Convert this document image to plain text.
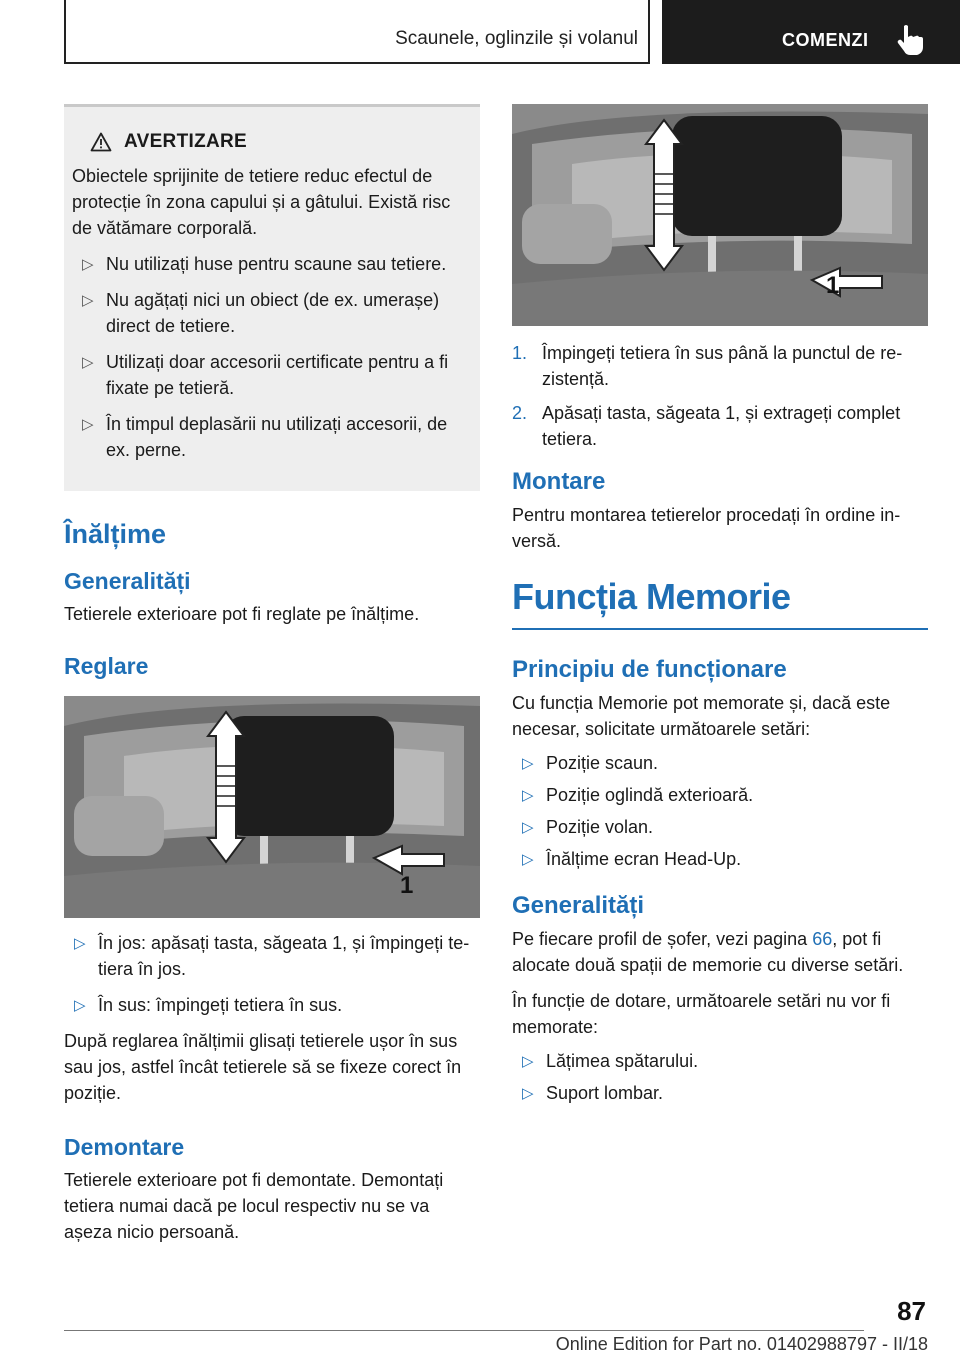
Scaunele, oglinzile și volanul	COMENZI
AVERTIZARE
Obiectele sprijinite de tetiere reduc efectul de protecție în zona capului și a gâtului. Există risc de vătămare corporală.
▷ Nu utilizați huse pentru scaune sau tetiere.
▷ Nu agățați nici un obiect (de ex. umerașe) direct de tetiere.
▷ Utilizați doar accesorii certificate pentru a fi fixate pe tetieră.
▷ În timpul deplasării nu utilizați accesorii, de ex. perne.
Înălțime
Generalități
Tetierele exterioare pot fi reglate pe înălțime.
Reglare
1
▷ În jos: apăsați tasta, săgeata 1, și împingeți tetiera în jos.
▷ În sus: împingeți tetiera în sus.
După reglarea înălțimii glisați tetierele ușor în sus sau jos, astfel încât tetierele să se fixeze corect în poziție.
Demontare
Tetierele exterioare pot fi demontate. Demontați tetiera numai dacă pe locul respectiv nu se va așeza nicio persoană.
1
1. Împingeți tetiera în sus până la punctul de rezistență.
2. Apăsați tasta, săgeata 1, și extrageți complet tetiera.
Montare
Pentru montarea tetierelor procedați în ordine inversă.
Funcția Memorie
Principiu de funcționare
Cu funcția Memorie pot memorate și, dacă este necesar, solicitate următoarele setări:
▷ Poziție scaun.
▷ Poziție oglindă exterioară.
▷ Poziție volan.
▷ Înălțime ecran Head-Up.
Generalități
Pe fiecare profil de șofer, vezi pagina 66, pot fi alocate două spații de memorie cu diverse setări.
În funcție de dotare, următoarele setări nu vor fi memorate:
▷ Lățimea spătarului.
▷ Suport lombar.
87
Online Edition for Part no. 01402988797 - II/18
